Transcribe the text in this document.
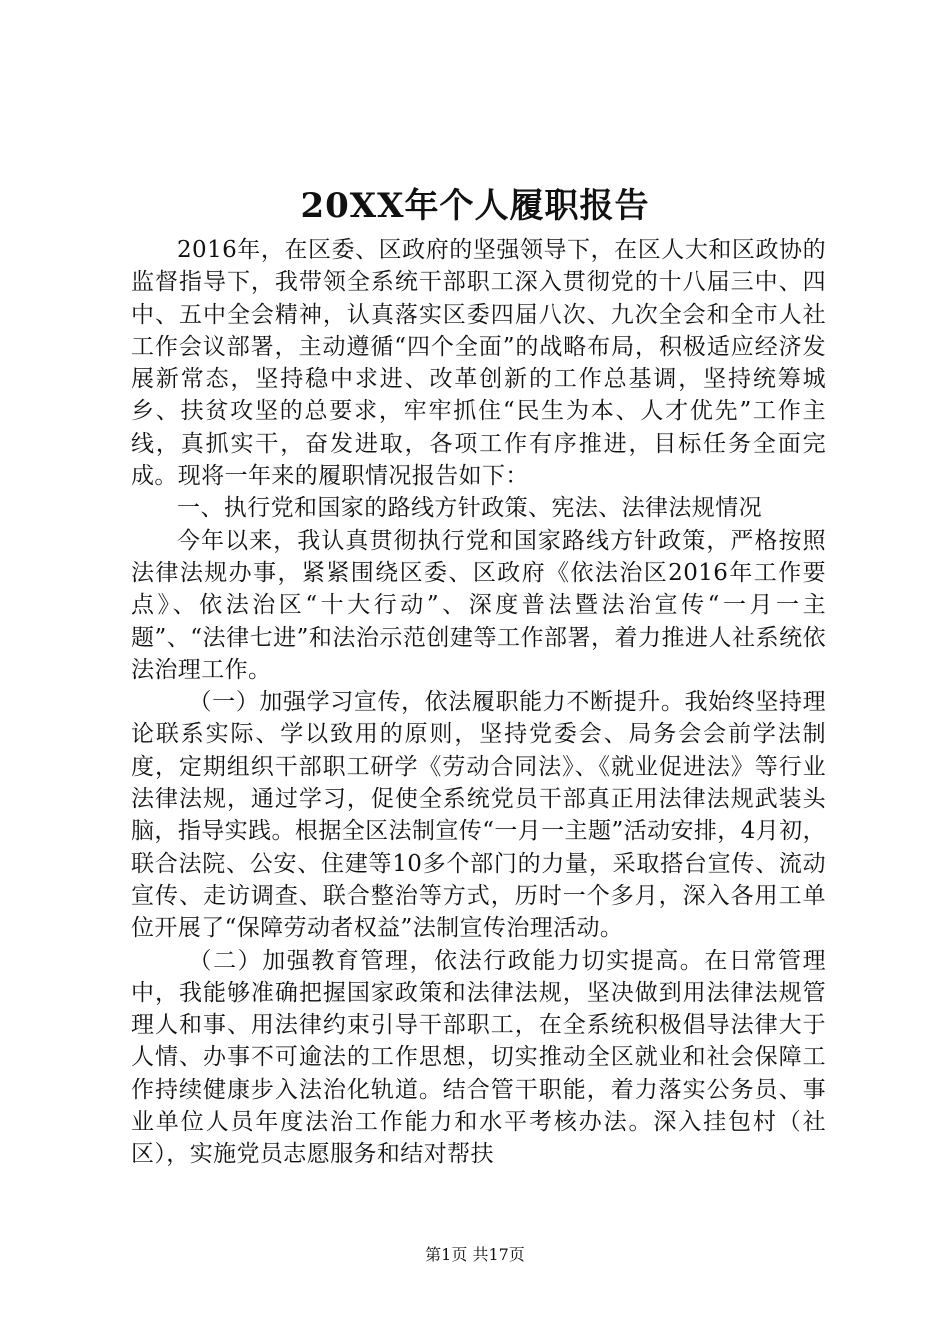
20XX年个人履职报告

2016年，在区委、区政府的坚强领导下，在区人大和区政协的监督指导下，我带领全系统干部职工深入贯彻党的十八届三中、四中、五中全会精神，认真落实区委四届八次、九次全会和全市人社工作会议部署，主动遵循“四个全面”的战略布局，积极适应经济发展新常态，坚持稳中求进、改革创新的工作总基调，坚持统筹城乡、扶贫攻坚的总要求，牢牢抓住“民生为本、人才优先”工作主线，真抓实干，奋发进取，各项工作有序推进，目标任务全面完成。现将一年来的履职情况报告如下：

一、执行党和国家的路线方针政策、宪法、法律法规情况

今年以来，我认真贯彻执行党和国家路线方针政策，严格按照法律法规办事，紧紧围绕区委、区政府《依法治区2016年工作要点》、依法治区“十大行动”、深度普法暨法治宣传“一月一主题”、“法律七进”和法治示范创建等工作部署，着力推进人社系统依法治理工作。

（一）加强学习宣传，依法履职能力不断提升。我始终坚持理论联系实际、学以致用的原则，坚持党委会、局务会会前学法制度，定期组织干部职工研学《劳动合同法》、《就业促进法》等行业法律法规，通过学习，促使全系统党员干部真正用法律法规武装头脑，指导实践。根据全区法制宣传“一月一主题”活动安排，4月初，联合法院、公安、住建等10多个部门的力量，采取搭台宣传、流动宣传、走访调查、联合整治等方式，历时一个多月，深入各用工单位开展了“保障劳动者权益”法制宣传治理活动。

（二）加强教育管理，依法行政能力切实提高。在日常管理中，我能够准确把握国家政策和法律法规，坚决做到用法律法规管理人和事、用法律约束引导干部职工，在全系统积极倡导法律大于人情、办事不可逾法的工作思想，切实推动全区就业和社会保障工作持续健康步入法治化轨道。结合管干职能，着力落实公务员、事业单位人员年度法治工作能力和水平考核办法。深入挂包村（社区），实施党员志愿服务和结对帮扶

第1页 共17页
